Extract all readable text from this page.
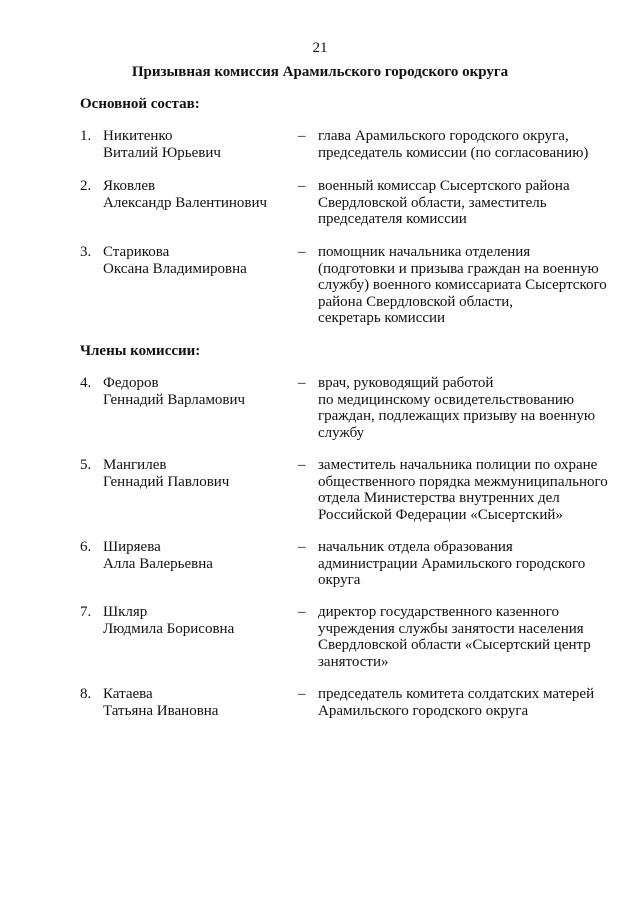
21
Призывная комиссия Арамильского городского округа
Основной состав:
1. Никитенко
Виталий Юрьевич
– глава Арамильского городского округа,
председатель комиссии (по согласованию)
2. Яковлев
Александр Валентинович
– военный комиссар Сысертского района
Свердловской области, заместитель
председателя комиссии
3. Старикова
Оксана Владимировна
– помощник начальника отделения
(подготовки и призыва граждан на военную
службу) военного комиссариата Сысертского
района Свердловской области,
секретарь комиссии
Члены комиссии:
4. Федоров
Геннадий Варламович
– врач, руководящий работой
по медицинскому освидетельствованию
граждан, подлежащих призыву на военную
службу
5. Мангилев
Геннадий Павлович
– заместитель начальника полиции по охране
общественного порядка межмуниципального
отдела Министерства внутренних дел
Российской Федерации «Сысертский»
6. Ширяева
Алла Валерьевна
– начальник отдела образования
администрации Арамильского городского
округа
7. Шкляр
Людмила Борисовна
– директор государственного казенного
учреждения службы занятости населения
Свердловской области «Сысертский центр
занятости»
8. Катаева
Татьяна Ивановна
– председатель комитета солдатских матерей
Арамильского городского округа
